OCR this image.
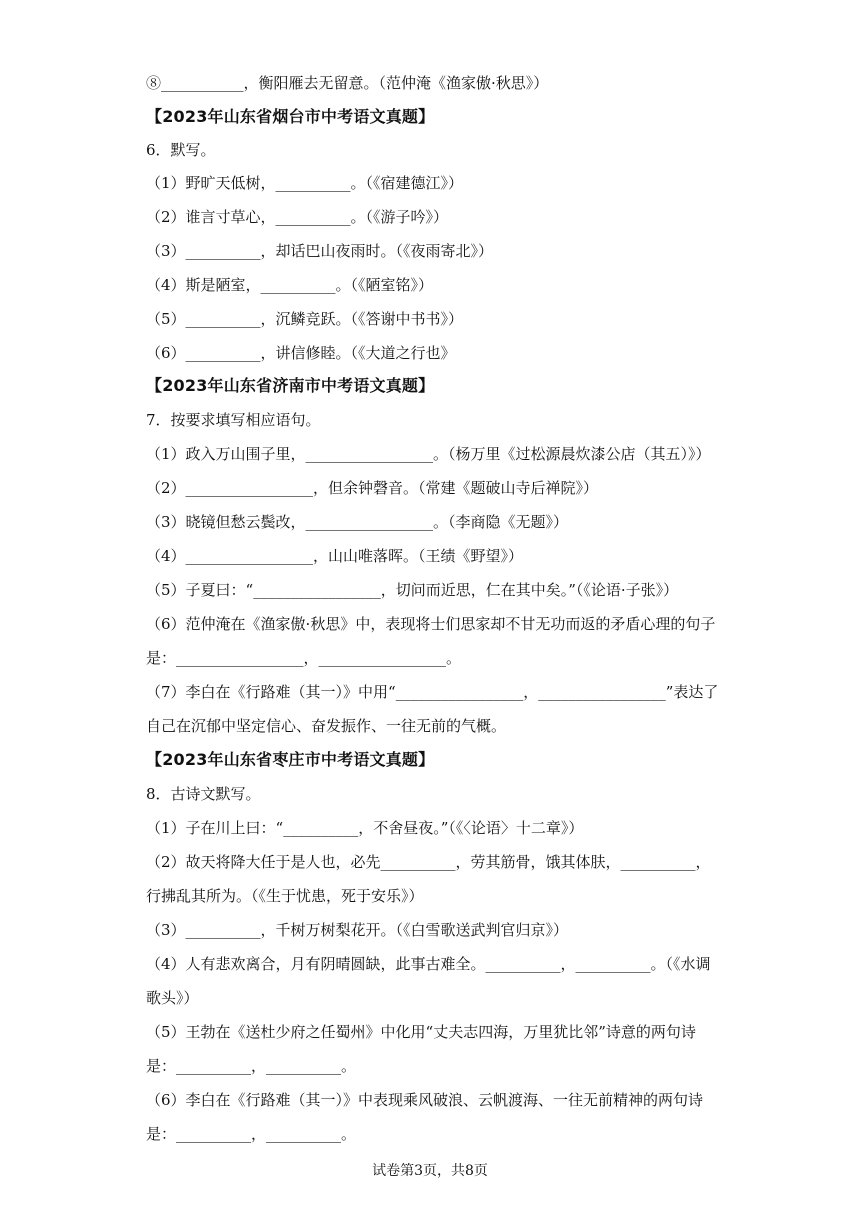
⑧___________，衡阳雁去无留意。（范仲淹《渔家傲·秋思》）
【2023年山东省烟台市中考语文真题】
6．默写。
（1）野旷天低树，__________。（《宿建德江》）
（2）谁言寸草心，__________。（《游子吟》）
（3）__________，却话巴山夜雨时。（《夜雨寄北》）
（4）斯是陋室，__________。（《陋室铭》）
（5）__________，沉鳞竞跃。（《答谢中书书》）
（6）__________，讲信修睦。（《大道之行也》
【2023年山东省济南市中考语文真题】
7．按要求填写相应语句。
（1）政入万山围子里，_________________。（杨万里《过松源晨炊漆公店（其五）》）
（2）_________________，但余钟磬音。（常建《题破山寺后禅院》）
（3）晓镜但愁云鬓改，_________________。（李商隐《无题》）
（4）_________________，山山唯落晖。（王绩《野望》）
（5）子夏曰：“_________________，切问而近思，仁在其中矣。”（《论语·子张》）
（6）范仲淹在《渔家傲·秋思》中，表现将士们思家却不甘无功而返的矛盾心理的句子
是：_________________，_________________。
（7）李白在《行路难（其一）》中用“_________________，_________________”表达了
自己在沉郁中坚定信心、奋发振作、一往无前的气概。
【2023年山东省枣庄市中考语文真题】
8．古诗文默写。
（1）子在川上曰：“__________，不舍昼夜。”（《〈论语〉十二章》）
（2）故天将降大任于是人也，必先__________，劳其筋骨，饿其体肤，__________，
行拂乱其所为。（《生于忧患，死于安乐》）
（3）__________，千树万树梨花开。（《白雪歌送武判官归京》）
（4）人有悲欢离合，月有阴晴圆缺，此事古难全。__________，__________。（《水调
歌头》）
（5）王勃在《送杜少府之任蜀州》中化用“丈夫志四海，万里犹比邻”诗意的两句诗
是：__________，__________。
（6）李白在《行路难（其一）》中表现乘风破浪、云帆渡海、一往无前精神的两句诗
是：__________，__________。
试卷第3页，共8页
